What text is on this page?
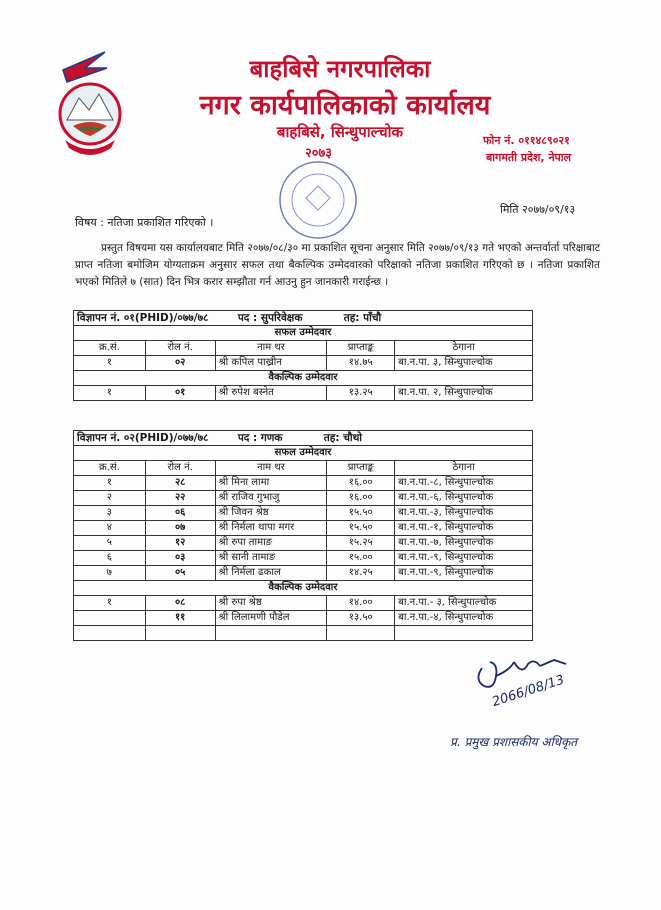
बाहबिसे नगरपालिका
नगर कार्यपालिकाको कार्यालय
बाहबिसे, सिन्धुपाल्चोक
२०७३
फोन नं. ०११४८९०२१
बागमती प्रदेश, नेपाल
मिति २०७७/०९/१३
विषय : नतिजा प्रकाशित गरिएको ।

प्रस्तुत विषयमा यस कार्यालयबाट मिति २०७७/०८/३० मा प्रकाशित सूचना अनुसार मिति २०७७/०९/१३ गते भएको अन्तर्वार्ता परिक्षाबाट प्राप्त नतिजा बमोजिम योग्यताक्रम अनुसार सफल तथा बैकल्पिक उम्मेदवारको परिक्षाको नतिजा प्रकाशित गरिएको छ । नतिजा प्रकाशित भएको मितिले ७ (सात) दिन भित्र करार सम्झौता गर्न आउनु हुन जानकारी गराईन्छ ।

विज्ञापन नं. ०१(PHID)/०७७/७८ पद : सुपरिवेक्षक तह: पाँचौ				
सफल उम्मेदवार				
क्र.सं.	रोल नं.	नाम थर	प्राप्ताङ्क	ठेगाना
१	०२	श्री कपिल पाख्रीन	१४.७५	बा.न.पा. ३, सिन्धुपाल्चोक
वैकल्पिक उम्मेदवार				
१	०१	श्री रुपेश बस्नेत	१३.२५	बा.न.पा. २, सिन्धुपाल्चोक
विज्ञापन नं. ०२(PHID)/०७७/७८ पद : गणक तह: चौथो				
सफल उम्मेदवार				
क्र.सं.	रोल नं.	नाम थर	प्राप्ताङ्क	ठेगाना
१	२८	श्री मिना लामा	१६.००	बा.न.पा.-८, सिन्धुपाल्चोक
२	२२	श्री राजिव गुभाजु	१६.००	बा.न.पा.-६, सिन्धुपाल्चोक
३	०६	श्री जिवन श्रेष्ठ	१५.५०	बा.न.पा.-३, सिन्धुपाल्चोक
४	०७	श्री निर्मला थापा मगर	१५.५०	बा.न.पा.-१, सिन्धुपाल्चोक
५	१२	श्री रुपा तामाङ	१५.२५	बा.न.पा.-७, सिन्धुपाल्चोक
६	०३	श्री सानी तामाङ	१५.००	बा.न.पा.-९, सिन्धुपाल्चोक
७	०५	श्री निर्मला ढकाल	१४.२५	बा.न.पा.-९, सिन्धुपाल्चोक
वैकल्पिक उम्मेदवार				
१	०८	श्री रुपा श्रेष्ठ	१४.००	बा.न.पा.- ३, सिन्धुपाल्चोक
	११	श्री लिलामणी पौडेल	१३.५०	बा.न.पा.-४, सिन्धुपाल्चोक

2066/08/13
प्र. प्रमुख प्रशासकीय अधिकृत
